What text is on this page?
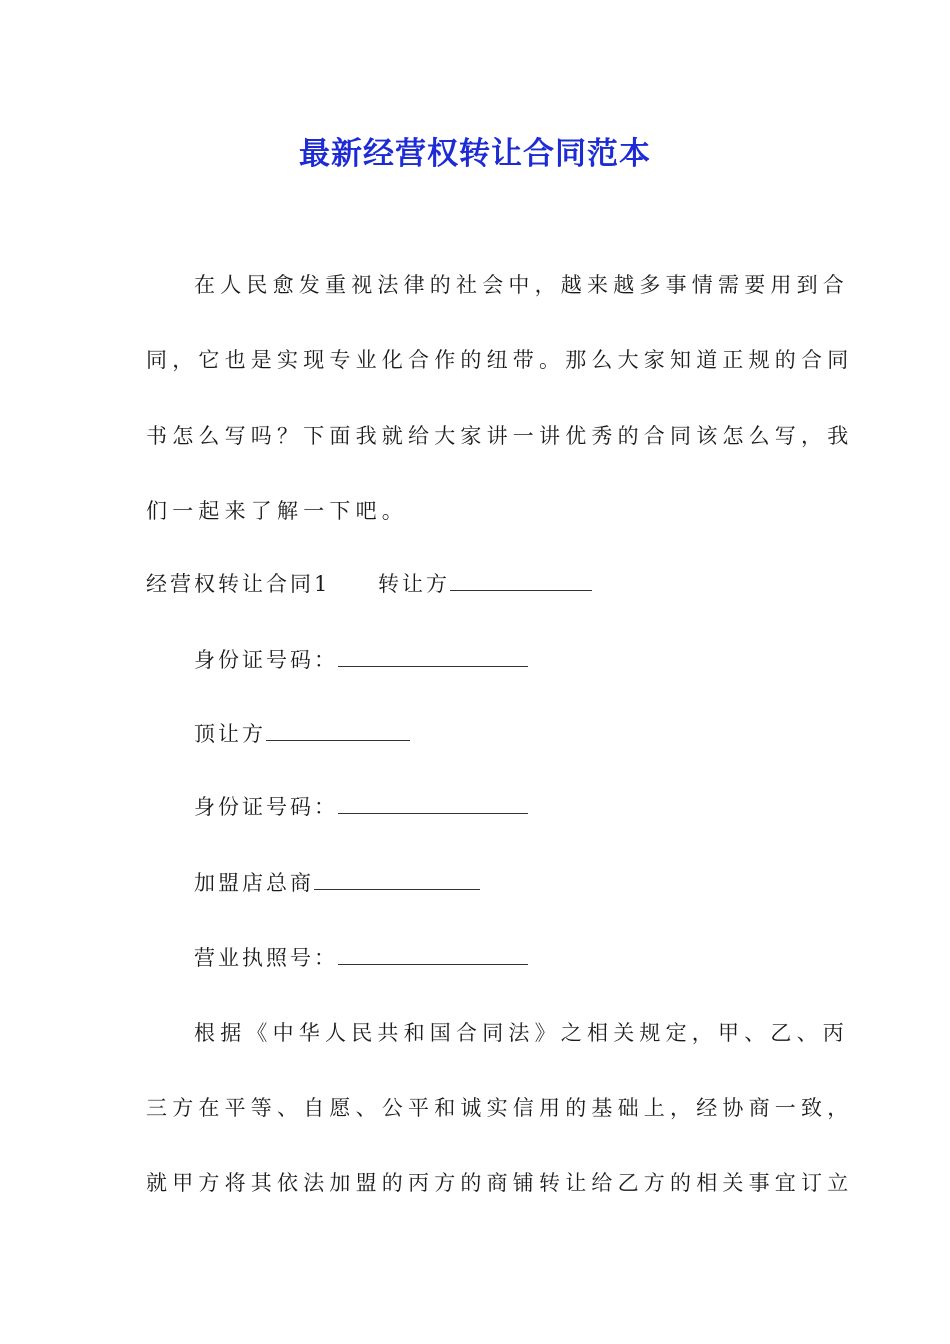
最新经营权转让合同范本
在人民愈发重视法律的社会中，越来越多事情需要用到合
同，它也是实现专业化合作的纽带。那么大家知道正规的合同
书怎么写吗？下面我就给大家讲一讲优秀的合同该怎么写，我
们一起来了解一下吧。
经营权转让合同1 转让方
身份证号码：
顶让方
身份证号码：
加盟店总商
营业执照号：
根据《中华人民共和国合同法》之相关规定，甲、乙、丙
三方在平等、自愿、公平和诚实信用的基础上，经协商一致，
就甲方将其依法加盟的丙方的商铺转让给乙方的相关事宜订立
